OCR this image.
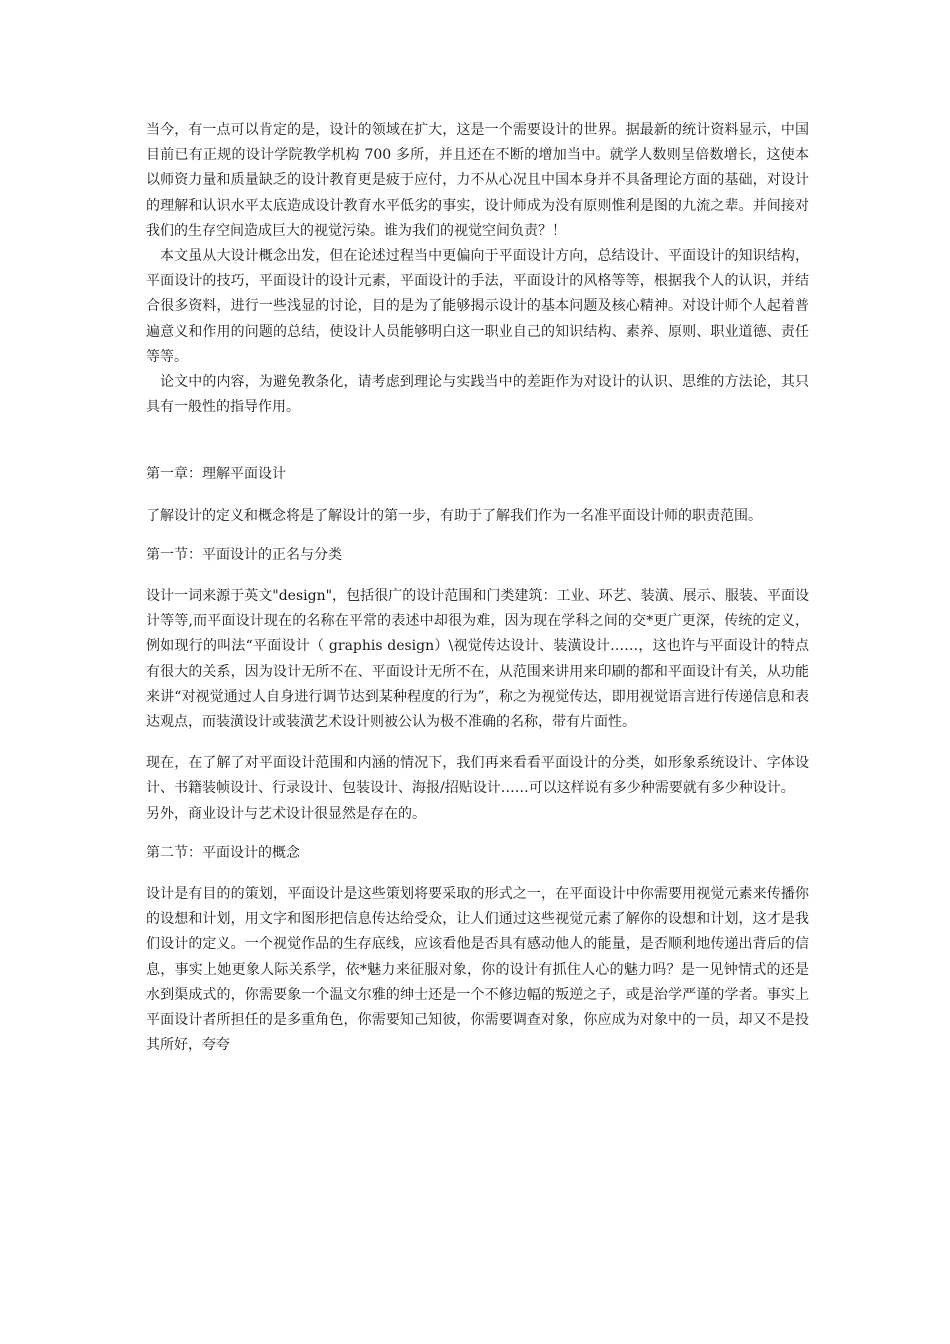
当今，有一点可以肯定的是，设计的领域在扩大，这是一个需要设计的世界。据最新的统计资料显示，中国目前已有正规的设计学院教学机构 700 多所，并且还在不断的增加当中。就学人数则呈倍数增长，这使本以师资力量和质量缺乏的设计教育更是疲于应付，力不从心况且中国本身并不具备理论方面的基础，对设计的理解和认识水平太底造成设计教育水平低劣的事实，设计师成为没有原则惟利是图的九流之辈。并间接对我们的生存空间造成巨大的视觉污染。谁为我们的视觉空间负责？！

本文虽从大设计概念出发，但在论述过程当中更偏向于平面设计方向，总结设计、平面设计的知识结构，平面设计的技巧，平面设计的设计元素，平面设计的手法，平面设计的风格等等，根据我个人的认识，并结合很多资料，进行一些浅显的讨论，目的是为了能够揭示设计的基本问题及核心精神。对设计师个人起着普遍意义和作用的问题的总结，使设计人员能够明白这一职业自己的知识结构、素养、原则、职业道德、责任等等。

论文中的内容，为避免教条化，请考虑到理论与实践当中的差距作为对设计的认识、思维的方法论，其只具有一般性的指导作用。

第一章：理解平面设计

了解设计的定义和概念将是了解设计的第一步，有助于了解我们作为一名准平面设计师的职责范围。

第一节：平面设计的正名与分类

设计一词来源于英文"design"，包括很广的设计范围和门类建筑：工业、环艺、装潢、展示、服装、平面设计等等,而平面设计现在的名称在平常的表述中却很为难，因为现在学科之间的交*更广更深，传统的定义，例如现行的叫法“平面设计（ graphis design）\视觉传达设计、装潢设计……，这也许与平面设计的特点有很大的关系，因为设计无所不在、平面设计无所不在，从范围来讲用来印刷的都和平面设计有关，从功能来讲“对视觉通过人自身进行调节达到某种程度的行为”，称之为视觉传达，即用视觉语言进行传递信息和表达观点，而装潢设计或装潢艺术设计则被公认为极不准确的名称，带有片面性。

现在，在了解了对平面设计范围和内涵的情况下，我们再来看看平面设计的分类，如形象系统设计、字体设计、书籍装帧设计、行录设计、包装设计、海报/招贴设计……可以这样说有多少种需要就有多少种设计。

另外，商业设计与艺术设计很显然是存在的。

第二节：平面设计的概念

设计是有目的的策划，平面设计是这些策划将要采取的形式之一，在平面设计中你需要用视觉元素来传播你的设想和计划，用文字和图形把信息传达给受众，让人们通过这些视觉元素了解你的设想和计划，这才是我们设计的定义。一个视觉作品的生存底线，应该看他是否具有感动他人的能量，是否顺利地传递出背后的信息，事实上她更象人际关系学，依*魅力来征服对象，你的设计有抓住人心的魅力吗？是一见钟情式的还是水到渠成式的，你需要象一个温文尔雅的绅士还是一个不修边幅的叛逆之子，或是治学严谨的学者。事实上平面设计者所担任的是多重角色，你需要知己知彼，你需要调查对象，你应成为对象中的一员，却又不是投其所好，夸夸
